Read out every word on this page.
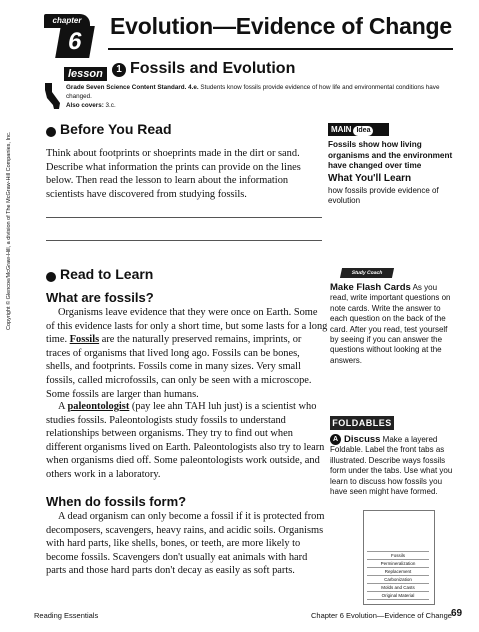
chapter
6
Evolution—Evidence of Change
lesson	1 Fossils and Evolution
Grade Seven Science Content Standard. 4.e. Students know fossils provide evidence of how life and environmental conditions have changed.
Also covers: 3.c.
Before You Read
Think about footprints or shoeprints made in the dirt or sand. Describe what information the prints can provide on the lines below. Then read the lesson to learn about the information scientists have discovered from studying fossils.
MAIN Idea
Fossils show how living organisms and the environment have changed over time
What You'll Learn
how fossils provide evidence of evolution
Read to Learn
What are fossils?
Organisms leave evidence that they were once on Earth. Some of this evidence lasts for only a short time, but some lasts for a long time. Fossils are the naturally preserved remains, imprints, or traces of organisms that lived long ago. Fossils can be bones, shells, and footprints. Fossils come in many sizes. Very small fossils, called microfossils, can only be seen with a microscope. Some fossils are larger than humans.
A paleontologist (pay lee ahn TAH luh just) is a scientist who studies fossils. Paleontologists study fossils to understand relationships between organisms. They try to find out when different organisms lived on Earth. Paleontologists also try to learn when organisms died off. Some paleontologists work outside, and others work in a laboratory.
When do fossils form?
A dead organism can only become a fossil if it is protected from decomposers, scavengers, heavy rains, and acidic soils. Organisms with hard parts, like shells, bones, or teeth, are more likely to become fossils. Scavengers don't usually eat animals with hard parts and those hard parts don't decay as easily as soft parts.
Study Coach
Make Flash Cards As you read, write important questions on note cards. Write the answer to each question on the back of the card. After you read, test yourself by seeing if you can answer the questions without looking at the answers.
FOLDABLES
A Discuss Make a layered Foldable. Label the front tabs as illustrated. Describe ways fossils form under the tabs. Use what you learn to discuss how fossils you have seen might have formed.
Fossils
Permineralization
Replacement
Carbonization
Molds and Casts
Original Material
Copyright © Glencoe/McGraw-Hill, a division of The McGraw-Hill Companies, Inc.
Reading Essentials	Chapter 6 Evolution—Evidence of Change 69
